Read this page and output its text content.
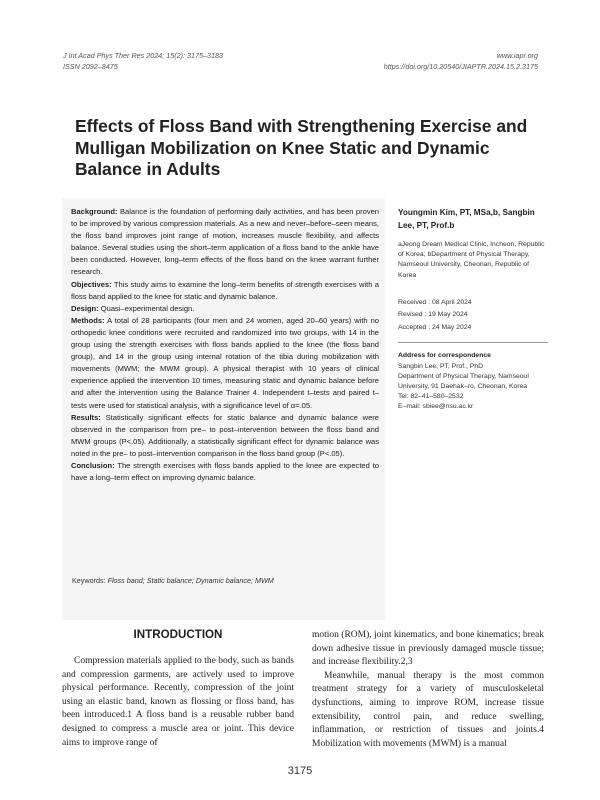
J Int Acad Phys Ther Res 2024; 15(2): 3175–3183
ISSN 2092–8475
www.iapr.org
https://doi.org/10.20540/JIAPTR.2024.15.2.3175
Effects of Floss Band with Strengthening Exercise and Mulligan Mobilization on Knee Static and Dynamic Balance in Adults

Background: Balance is the foundation of performing daily activities, and has been proven to be improved by various compression materials. As a new and never–before–seen means, the floss band improves joint range of motion, increases muscle flexibility, and affects balance. Several studies using the short–term application of a floss band to the ankle have been conducted. However, long–term effects of the floss band on the knee warrant further research.

Objectives: This study aims to examine the long–term benefits of strength exercises with a floss band applied to the knee for static and dynamic balance.

Design: Quasi–experimental design.

Methods: A total of 28 participants (four men and 24 women, aged 20–60 years) with no orthopedic knee conditions were recruited and randomized into two groups, with 14 in the group using the strength exercises with floss bands applied to the knee (the floss band group), and 14 in the group using internal rotation of the tibia during mobilization with movements (MWM; the MWM group). A physical therapist with 10 years of clinical experience applied the intervention 10 times, measuring static and dynamic balance before and after the intervention using the Balance Trainer 4. Independent t–tests and paired t–tests were used for statistical analysis, with a significance level of α=.05.

Results: Statistically significant effects for static balance and dynamic balance were observed in the comparison from pre– to post–intervention between the floss band and MWM groups (P<.05). Additionally, a statistically significant effect for dynamic balance was noted in the pre– to post–intervention comparison in the floss band group (P<.05).

Conclusion: The strength exercises with floss bands applied to the knee are expected to have a long–term effect on improving dynamic balance.

Keywords: Floss band; Static balance; Dynamic balance; MWM

Youngmin Kim, PT, MSa,b, Sangbin Lee, PT, Prof.b

aJeong Dream Medical Clinic, Incheon, Republic of Korea; bDepartment of Physical Therapy, Namseoul University, Cheonan, Republic of Korea

Received : 08 April 2024
Revised : 19 May 2024
Accepted : 24 May 2024
Address for correspondence
Sangbin Lee, PT, Prof., PhD
Department of Physical Therapy, Namseoul University, 91 Daehak–ro, Cheonan, Korea
Tel: 82–41–580–2532
E–mail: sbiee@nsu.ac.kr
INTRODUCTION

Compression materials applied to the body, such as bands and compression garments, are actively used to improve physical performance. Recently, compression of the joint using an elastic band, known as flossing or floss band, has been introduced.1 A floss band is a reusable rubber band designed to compress a muscle area or joint. This device aims to improve range of

motion (ROM), joint kinematics, and bone kinematics; break down adhesive tissue in previously damaged muscle tissue; and increase flexibility.2,3

Meanwhile, manual therapy is the most common treatment strategy for a variety of musculoskeletal dysfunctions, aiming to improve ROM, increase tissue extensibility, control pain, and reduce swelling, inflammation, or restriction of tissues and joints.4 Mobilization with movements (MWM) is a manual

3175
